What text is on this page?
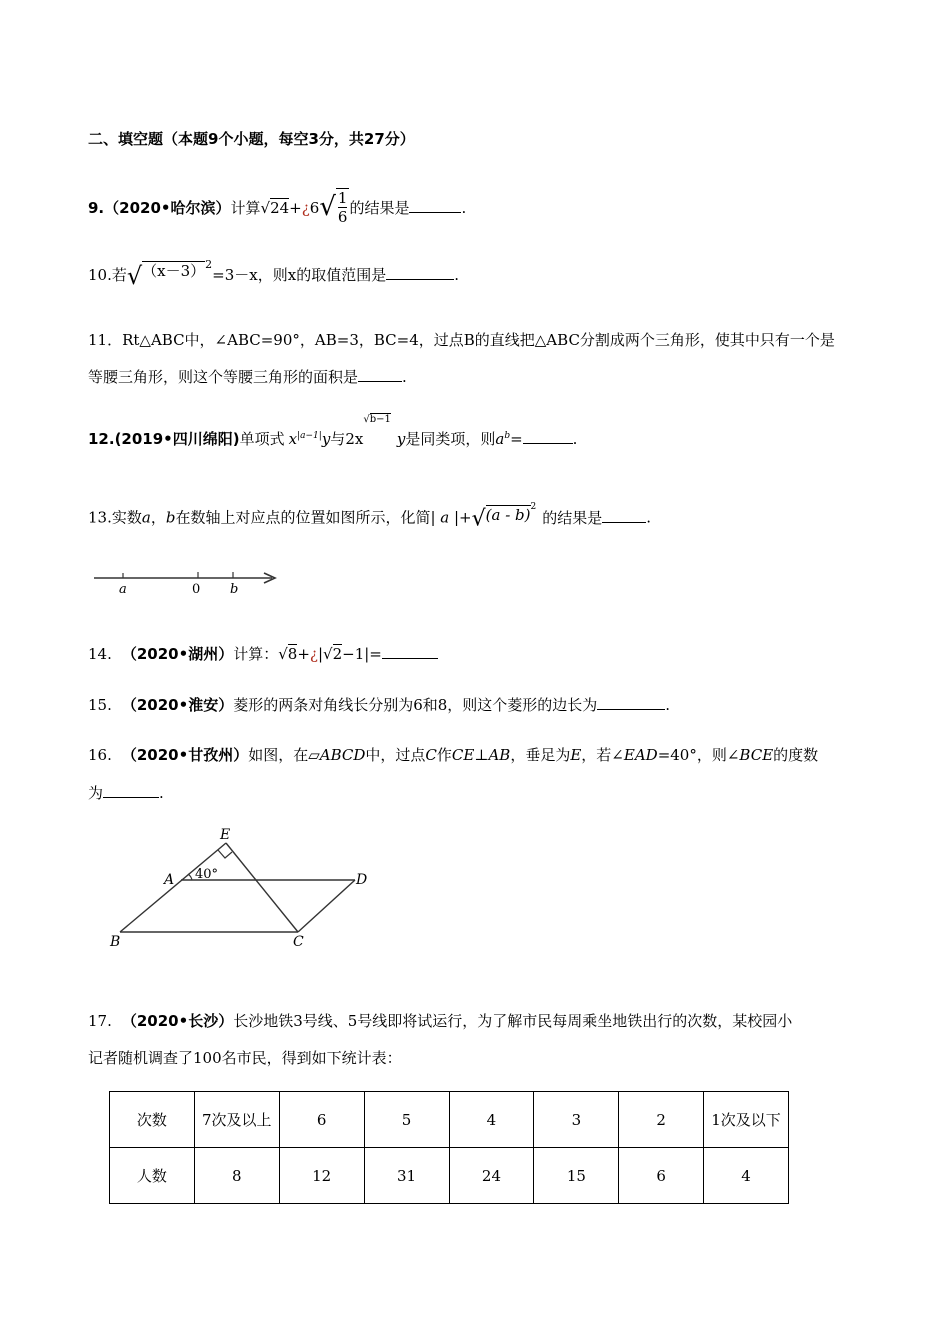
二、填空题（本题9个小题，每空3分，共27分）
9.（2020•哈尔滨）计算√24+¿6√ $\frac{1}{6}$ 的结果是	.
10.若$√(x-3)^2=3-x$，则x的取值范围是	.
11．Rt△ABC中，∠ABC=90°，AB=3，BC=4，过点B的直线把△ABC分割成两个三角形，使其中只有一个是
等腰三角形，则这个等腰三角形的面积是	.
12.(2019•四川绵阳)单项式 $x^{|a-1|}y$与$2x^{√b-1}y$是同类项，则$a^b=$	.
13.实数a，b在数轴上对应点的位置如图所示，化简| a |+√(a - b)$^2$的结果是	.
a	0 b
14. （2020•湖州）计算：√8+¿|√2−1|=
15. （2020•淮安）菱形的两条对角线长分别为6和8，则这个菱形的边长为	.
16. （2020•甘孜州）如图，在▱ABCD中，过点C作CE⊥AB，垂足为E，若∠EAD=40°，则∠BCE的度数
为	.
E
A	D
B	C
40°
17. （2020•长沙）长沙地铁3号线、5号线即将试运行，为了解市民每周乘坐地铁出行的次数，某校园小
记者随机调查了100名市民，得到如下统计表：
次数	7次及以上	6	5	4	3	2	1次及以下
人数	8	12	31	24	15	6	4
